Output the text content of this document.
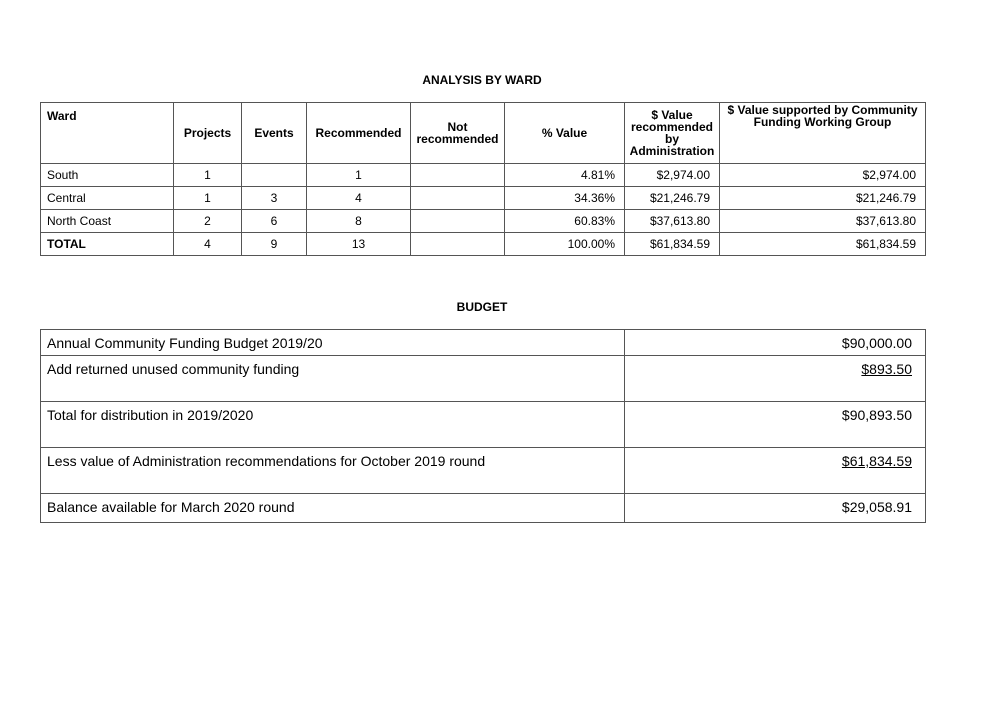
ANALYSIS BY WARD
Ward	Projects	Events	Recommended	Not recommended	% Value	$ Value recommended by Administration	$ Value supported by Community Funding Working Group
South	1		1		4.81%	$2,974.00	$2,974.00
Central	1	3	4		34.36%	$21,246.79	$21,246.79
North Coast	2	6	8		60.83%	$37,613.80	$37,613.80
TOTAL	4	9	13		100.00%	$61,834.59	$61,834.59
BUDGET
Annual Community Funding Budget 2019/20	$90,000.00
Add returned unused community funding	$893.50
Total for distribution in 2019/2020	$90,893.50
Less value of Administration recommendations for October 2019 round	$61,834.59
Balance available for March 2020 round	$29,058.91
